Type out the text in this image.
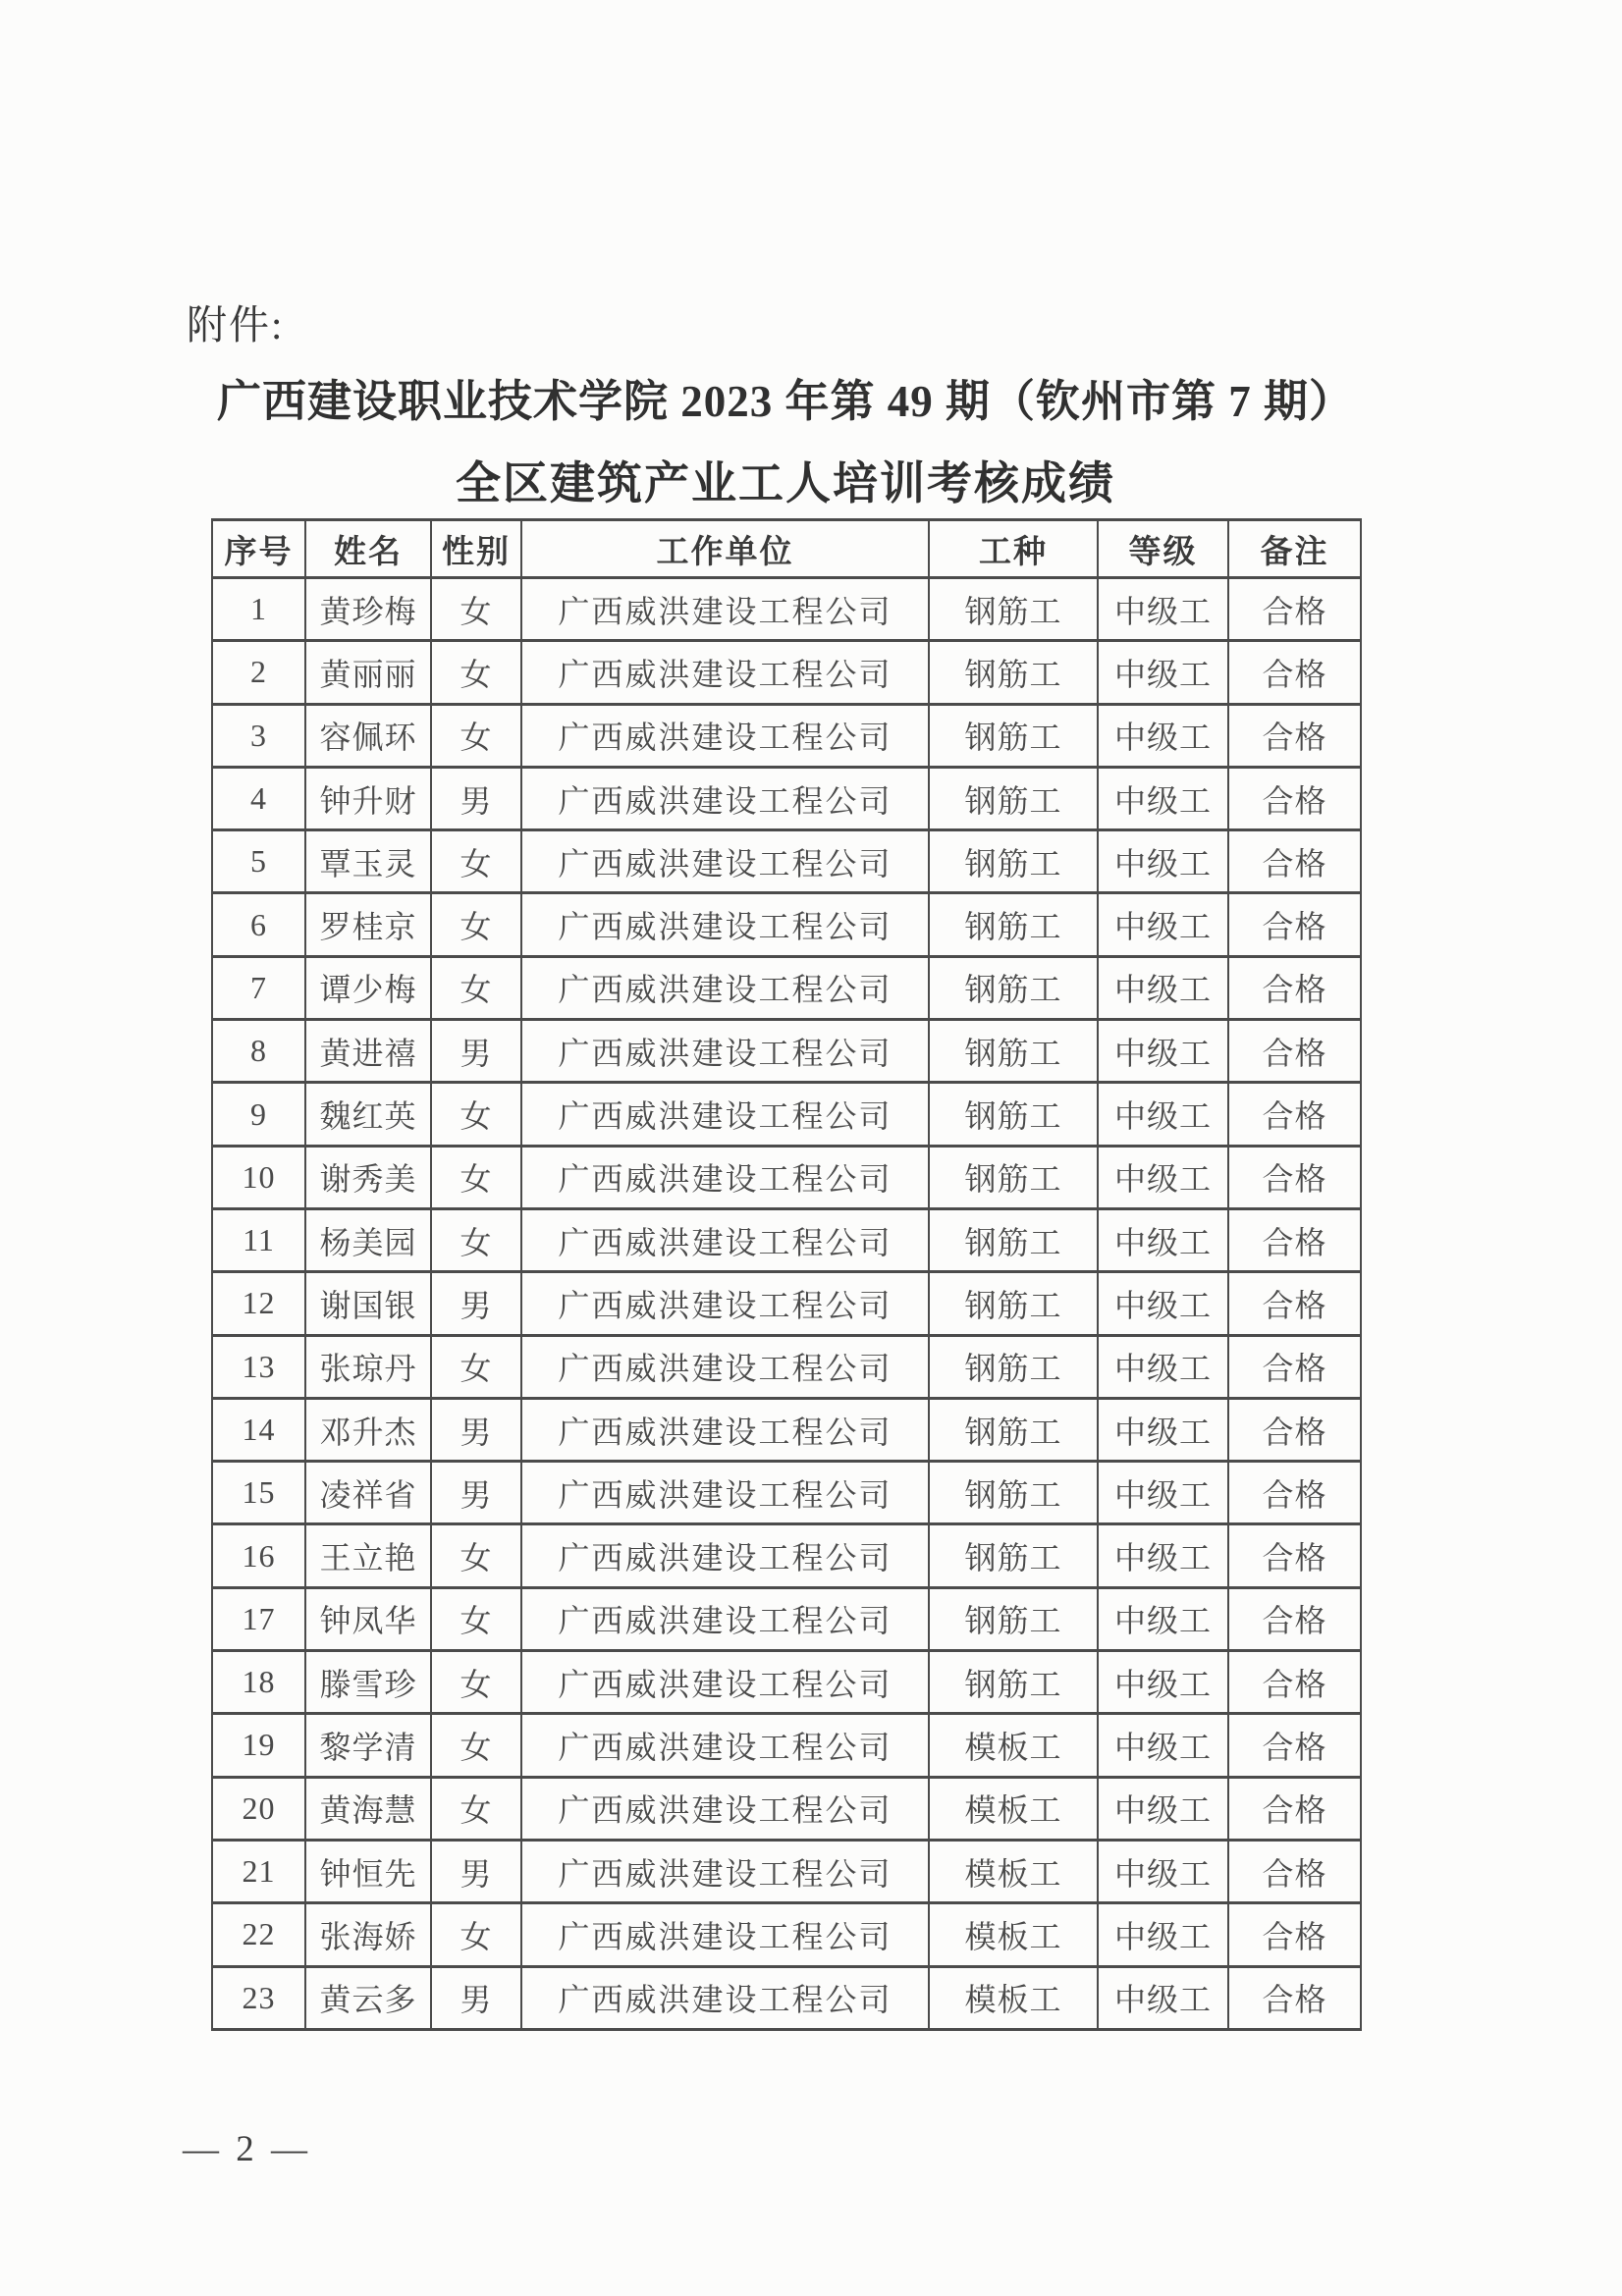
附件:
广西建设职业技术学院 2023 年第 49 期（钦州市第 7 期）
全区建筑产业工人培训考核成绩
序号	姓名	性别	工作单位	工种	等级	备注
1	黄珍梅	女	广西威洪建设工程公司	钢筋工	中级工	合格
2	黄丽丽	女	广西威洪建设工程公司	钢筋工	中级工	合格
3	容佩环	女	广西威洪建设工程公司	钢筋工	中级工	合格
4	钟升财	男	广西威洪建设工程公司	钢筋工	中级工	合格
5	覃玉灵	女	广西威洪建设工程公司	钢筋工	中级工	合格
6	罗桂京	女	广西威洪建设工程公司	钢筋工	中级工	合格
7	谭少梅	女	广西威洪建设工程公司	钢筋工	中级工	合格
8	黄进禧	男	广西威洪建设工程公司	钢筋工	中级工	合格
9	魏红英	女	广西威洪建设工程公司	钢筋工	中级工	合格
10	谢秀美	女	广西威洪建设工程公司	钢筋工	中级工	合格
11	杨美园	女	广西威洪建设工程公司	钢筋工	中级工	合格
12	谢国银	男	广西威洪建设工程公司	钢筋工	中级工	合格
13	张琼丹	女	广西威洪建设工程公司	钢筋工	中级工	合格
14	邓升杰	男	广西威洪建设工程公司	钢筋工	中级工	合格
15	凌祥省	男	广西威洪建设工程公司	钢筋工	中级工	合格
16	王立艳	女	广西威洪建设工程公司	钢筋工	中级工	合格
17	钟凤华	女	广西威洪建设工程公司	钢筋工	中级工	合格
18	滕雪珍	女	广西威洪建设工程公司	钢筋工	中级工	合格
19	黎学清	女	广西威洪建设工程公司	模板工	中级工	合格
20	黄海慧	女	广西威洪建设工程公司	模板工	中级工	合格
21	钟恒先	男	广西威洪建设工程公司	模板工	中级工	合格
22	张海娇	女	广西威洪建设工程公司	模板工	中级工	合格
23	黄云多	男	广西威洪建设工程公司	模板工	中级工	合格
— 2 —
